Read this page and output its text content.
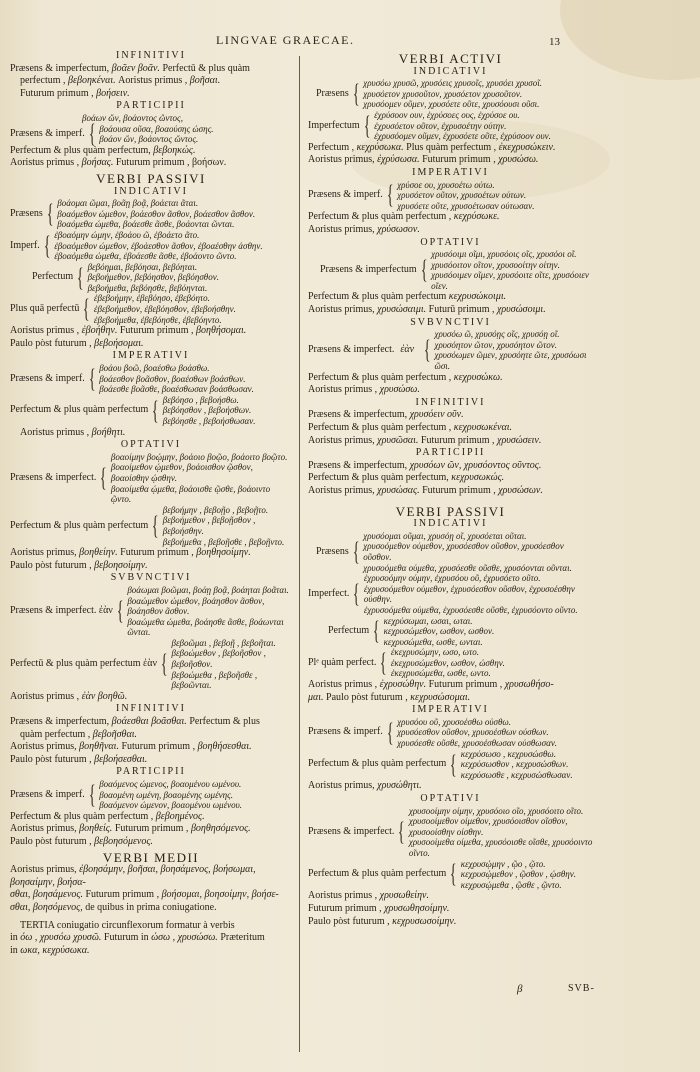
LINGVAE GRAECAE.	13
INFINITIVI
Præsens & imperfectum, βοᾶεν βοᾶν. Perfectū & plus quàm
perfectum , βεβοηκέναι. Aoristus primus , βοῆσαι.
Futurum primum , βοήσειν.
PARTICIPII
βοάων ὤν, βοάοντος ὤντος,
Præsens & imperf. { βοάουσα οῦσα, βοαούσης ώσης.
βοάον ὤν, βοάοντος ὤντος.
Perfectum & plus quàm perfectum, βεβοηκώς.
Aoristus primus , βοήσας. Futurum primum , βοήσων.
VERBI PASSIVI
INDICATIVI
Præsens { βοάομαι ῶμαι, βοᾶῃ βοᾷ, βοάεται ᾶται.
βοαόμεθον ώμεθον, βοάεσθον ᾶσθον, βοάεσθον ᾶσθον.
βοαόμεθα ώμεθα, βοάεσθε ᾶσθε, βοάονται ῶνται.
Imperf. { ἐβοαόμην ώμην, ἐβοάου ῶ, ἐβοάετο ᾶτο.
ἐβοαόμεθον ώμεθον, ἐβοάεσθον ᾶσθον, ἐβοαέσθην άσθην.
ἐβοαόμεθα ώμεθα, ἐβοάεσθε ᾶσθε, ἐβοάοντο ῶντο.
Perfectum { βεβόημαι, βεβόησαι, βεβόηται.
βεβοήμεθον, βεβόησθον, βεβόησθον.
βεβοήμεθα, βεβόησθε, βεβόηνται.
Plus quā perfectū { ἐβεβοήμην, ἐβεβόησο, ἐβεβόητο.
ἐβεβοήμεθον, ἐβεβόησθον, ἐβεβοήσθην.
ἐβεβοήμεθα, ἐβεβόησθε, ἐβεβόηντο.
Aoristus primus , ἐβοήθην. Futurum primum , βοηθήσομαι.
Paulo pòst futurum , βεβοήσομαι.
IMPERATIVI
Præsens & imperf. { βοάου βοῶ, βοαέσθω βοάσθω.
βοάεσθον βοᾶσθον, βοαέσθων βοάσθων.
βοάεσθε βοᾶσθε, βοαέσθωσαν βοάσθωσαν.
Perfectum & plus quàm perfectum { βεβόησο , βεβοήσθω.
βεβόησθον , βεβοήσθων.
βεβόησθε , βεβοήσθωσαν.
Aoristus primus , βοήθητι.
OPTATIVI
Præsens & imperfect. {
βοαοίμην βοῴμην, βοάοιο βοῷο, βοάοιτο βοῷτο.
βοαοίμεθον ῴμεθον, βοάοισθον ῷσθον, βοαοίσθην ῴσθην.
βοαοίμεθα ῴμεθα, βοάοισθε ῷσθε, βοάοιντο ῷντο.
Perfectum & plus quàm perfectum {
βεβοήμην , βεβοῇο , βεβοῇτο.
βεβοήμεθον , βεβοῇσθον , βεβοήσθην.
βεβοήμεθα , βεβοῇσθε , βεβοῇντο.
Aoristus primus, βοηθείην. Futurum primum , βοηθησοίμην.
Paulo pòst futurum , βεβοησοίμην.
SVBVNCTIVI
Præsens & imperfect. ἐὰν {
βοάωμαι βοῶμαι, βοάῃ βοᾷ, βοάηται βοᾶται.
βοαώμεθον ώμεθον, βοάησθον ᾶσθον, βοάησθον ᾶσθον.
βοαώμεθα ώμεθα, βοάησθε ᾶσθε, βοάωνται ῶνται.
Perfectū & plus quàm perfectum ἐὰν {
βεβοῶμαι , βεβοῇ , βεβοῆται.
βεβοώμεθον , βεβοῆσθον , βεβοῆσθον.
βεβοώμεθα , βεβοῆσθε , βεβοῶνται.
Aoristus primus , ἐὰν βοηθῶ.
INFINITIVI
Præsens & imperfectum, βοάεσθαι βοᾶσθαι. Perfectum & plus
quàm perfectum , βεβοῆσθαι.
Aoristus primus, βοηθῆναι. Futurum primum , βοηθήσεσθαι.
Paulo pòst futurum , βεβοήσεσθαι.
PARTICIPII
Præsens & imperf. { βοαόμενος ώμενος, βοαομένου ωμένου.
βοαομένη ωμένη, βοαομένης ωμένης.
βοαόμενον ώμενον, βοαομένου ωμένου.
Perfectum & plus quàm perfectum , βεβοημένος.
Aoristus primus, βοηθείς. Futurum primum , βοηθησόμενος.
Paulo pòst futurum , βεβοησόμενος.
VERBI MEDII
Aoristus primus, ἐβοησάμην, βοῆσαι, βοησάμενος, βοήσωμαι, βοησαίμην, βοήσα-
σθαι, βοησάμενος. Futurum primum , βοήσομαι, βοησοίμην, βοήσε-
σθαι, βοησόμενος, de quibus in prima coniugatione.
TERTIA coniugatio circunflexorum formatur à verbis
in όω , χρυσόω χρυσῶ. Futurum in ώσω , χρυσώσω. Præteritum
in ωκα, κεχρύσωκα.
VERBI ACTIVI
INDICATIVI
Præsens { χρυσόω χρυσῶ, χρυσόεις χρυσοῖς, χρυσόει χρυσοῖ.
χρυσόετον χρυσοῦτον, χρυσόετον χρυσοῦτον.
χρυσόομεν οῦμεν, χρυσόετε οῦτε, χρυσόουσι οῦσι.
Imperfectum { ἐχρύσοον ουν, ἐχρύσοες ους, ἐχρύσοε ου.
ἐχρυσόετον οῦτον, ἐχρυσοέτην ούτην.
ἐχρυσόομεν οῦμεν, ἐχρυσόετε οῦτε, ἐχρύσοον ουν.
Perfectum , κεχρύσωκα. Plus quàm perfectum , ἐκεχρυσώκειν.
Aoristus primus, ἐχρύσωσα. Futurum primum , χρυσώσω.
IMPERATIVI
Præsens & imperf. { χρύσοε ου, χρυσοέτω ούτω.
χρυσόετον οῦτον, χρυσοέτων ούτων.
χρυσόετε οῦτε, χρυσοέτωσαν ούτωσαν.
Perfectum & plus quàm perfectum , κεχρύσωκε.
Aoristus primus, χρύσωσον.
OPTATIVI
Præsens & imperfectum {
χρυσόοιμι οῖμι, χρυσόοις οῖς, χρυσόοι οῖ.
χρυσόοιτον οῖτον, χρυσοοίτην οίτην.
χρυσόοιμεν οῖμεν, χρυσόοιτε οῖτε, χρυσόοιεν οῖεν.
Perfectum & plus quàm perfectum κεχρυσώκοιμι.
Aoristus primus, χρυσώσαιμι. Futurū primum , χρυσώσοιμι.
SVBVNCTIVI
Præsens & imperfect. ἐὰν {
χρυσόω ῶ, χρυσόῃς οῖς, χρυσόῃ οῖ.
χρυσόητον ῶτον, χρυσόητον ῶτον.
χρυσόωμεν ῶμεν, χρυσόητε ῶτε, χρυσόωσι ῶσι.
Perfectum & plus quàm perfectum , κεχρυσώκω.
Aoristus primus , χρυσώσω.
INFINITIVI
Præsens & imperfectum, χρυσόειν οῦν.
Perfectum & plus quàm perfectum , κεχρυσωκέναι.
Aoristus primus, χρυσῶσαι. Futurum primum , χρυσώσειν.
PARTICIPII
Præsens & imperfectum, χρυσόων ῶν, χρυσόοντος οῦντος.
Perfectum & plus quàm perfectum, κεχρυσωκώς.
Aoristus primus, χρυσώσας. Futurum primum , χρυσώσων.
VERBI PASSIVI
INDICATIVI
Præsens {
χρυσόομαι οῦμαι, χρυσόῃ οῖ, χρυσόεται οῦται.
χρυσοόμεθον ούμεθον, χρυσόεσθον οῦσθον, χρυσόεσθον οῦσθον.
χρυσοόμεθα ούμεθα, χρυσόεσθε οῦσθε, χρυσόονται οῦνται.
Imperfect. {
ἐχρυσοόμην ούμην, ἐχρυσόου οῦ, ἐχρυσόετο οῦτο.
ἐχρυσοόμεθον ούμεθον, ἐχρυσόεσθον οῦσθον, ἐχρυσοέσθην ούσθην.
ἐχρυσοόμεθα ούμεθα, ἐχρυσόεσθε οῦσθε, ἐχρυσόοντο οῦντο.
Perfectum { κεχρύσωμαι, ωσαι, ωται.
κεχρυσώμεθον, ωσθον, ωσθον.
κεχρυσώμεθα, ωσθε, ωνται.
Plᵉ quàm perfect. { ἐκεχρυσώμην, ωσο, ωτο.
ἐκεχρυσώμεθον, ωσθον, ώσθην.
ἐκεχρυσώμεθα, ωσθε, ωντο.
Aoristus primus , ἐχρυσώθην. Futurum primum , χρυσωθήσο-
μαι. Paulo pòst futurum , κεχρυσώσομαι.
IMPERATIVI
Præsens & imperf. { χρυσόου οῦ, χρυσοέσθω ούσθω.
χρυσόεσθον οῦσθον, χρυσοέσθων ούσθων.
χρυσόεσθε οῦσθε, χρυσοέσθωσαν ούσθωσαν.
Perfectum & plus quàm perfectum { κεχρύσωσο , κεχρυσώσθω.
κεχρύσωσθον , κεχρυσώσθων.
κεχρύσωσθε , κεχρυσώσθωσαν.
Aoristus primus, χρυσώθητι.
OPTATIVI
Præsens & imperfect. {
χρυσοοίμην οίμην, χρυσόοιο οῖο, χρυσόοιτο οῖτο.
χρυσοοίμεθον οίμεθον, χρυσόοισθον οῖσθον, χρυσοοίσθην οίσθην.
χρυσοοίμεθα οίμεθα, χρυσόοισθε οῖσθε, χρυσόοιντο οῖντο.
Perfectum & plus quàm perfectum { κεχρυσῴμην , ῷο , ῷτο.
κεχρυσῴμεθον , ῷσθον , ῴσθην.
κεχρυσῴμεθα , ῷσθε , ῷντο.
Aoristus primus , χρυσωθείην.
Futurum primum , χρυσωθησοίμην.
Paulo pòst futurum , κεχρυσωσοίμην.
β	SVB-
